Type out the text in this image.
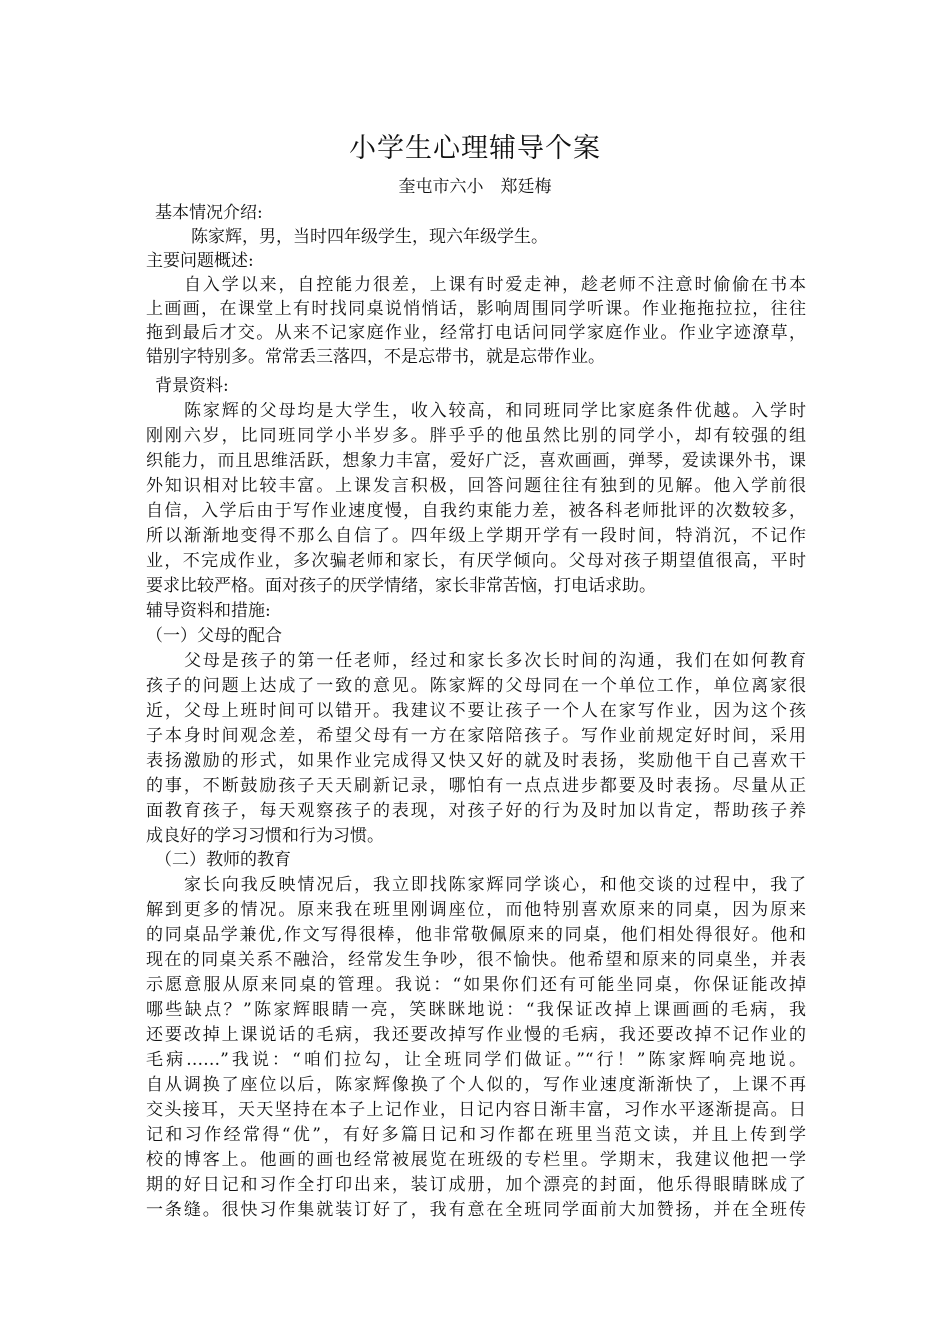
小学生心理辅导个案
奎屯市六小　郑廷梅
基本情况介绍:
陈家辉，男，当时四年级学生，现六年级学生。
主要问题概述:
自入学以来，自控能力很差，上课有时爱走神，趁老师不注意时偷偷在书本
上画画，在课堂上有时找同桌说悄悄话，影响周围同学听课。作业拖拖拉拉，往往
拖到最后才交。从来不记家庭作业，经常打电话问同学家庭作业。作业字迹潦草，
错别字特别多。常常丢三落四，不是忘带书，就是忘带作业。
背景资料:
陈家辉的父母均是大学生，收入较高，和同班同学比家庭条件优越。入学时
刚刚六岁，比同班同学小半岁多。胖乎乎的他虽然比别的同学小，却有较强的组
织能力，而且思维活跃，想象力丰富，爱好广泛，喜欢画画，弹琴，爱读课外书，课
外知识相对比较丰富。上课发言积极，回答问题往往有独到的见解。他入学前很
自信，入学后由于写作业速度慢，自我约束能力差，被各科老师批评的次数较多，
所以渐渐地变得不那么自信了。四年级上学期开学有一段时间，特消沉，不记作
业，不完成作业，多次骗老师和家长，有厌学倾向。父母对孩子期望值很高，平时
要求比较严格。面对孩子的厌学情绪，家长非常苦恼，打电话求助。
辅导资料和措施:
（一）父母的配合
父母是孩子的第一任老师，经过和家长多次长时间的沟通，我们在如何教育
孩子的问题上达成了一致的意见。陈家辉的父母同在一个单位工作，单位离家很
近，父母上班时间可以错开。我建议不要让孩子一个人在家写作业，因为这个孩
子本身时间观念差，希望父母有一方在家陪陪孩子。写作业前规定好时间，采用
表扬激励的形式，如果作业完成得又快又好的就及时表扬，奖励他干自己喜欢干
的事，不断鼓励孩子天天刷新记录，哪怕有一点点进步都要及时表扬。尽量从正
面教育孩子，每天观察孩子的表现，对孩子好的行为及时加以肯定，帮助孩子养
成良好的学习习惯和行为习惯。
（二）教师的教育
家长向我反映情况后，我立即找陈家辉同学谈心，和他交谈的过程中，我了
解到更多的情况。原来我在班里刚调座位，而他特别喜欢原来的同桌，因为原来
的同桌品学兼优,作文写得很棒，他非常敬佩原来的同桌，他们相处得很好。他和
现在的同桌关系不融洽，经常发生争吵，很不愉快。他希望和原来的同桌坐，并表
示愿意服从原来同桌的管理。我说：“如果你们还有可能坐同桌，你保证能改掉
哪些缺点？”陈家辉眼睛一亮，笑眯眯地说：“我保证改掉上课画画的毛病，我
还要改掉上课说话的毛病，我还要改掉写作业慢的毛病，我还要改掉不记作业的
毛病……”我说：“咱们拉勾，让全班同学们做证。”“行！”陈家辉响亮地说。
自从调换了座位以后，陈家辉像换了个人似的，写作业速度渐渐快了，上课不再
交头接耳，天天坚持在本子上记作业，日记内容日渐丰富，习作水平逐渐提高。日
记和习作经常得“优”，有好多篇日记和习作都在班里当范文读，并且上传到学
校的博客上。他画的画也经常被展览在班级的专栏里。学期末，我建议他把一学
期的好日记和习作全打印出来，装订成册，加个漂亮的封面，他乐得眼睛眯成了
一条缝。很快习作集就装订好了，我有意在全班同学面前大加赞扬，并在全班传
